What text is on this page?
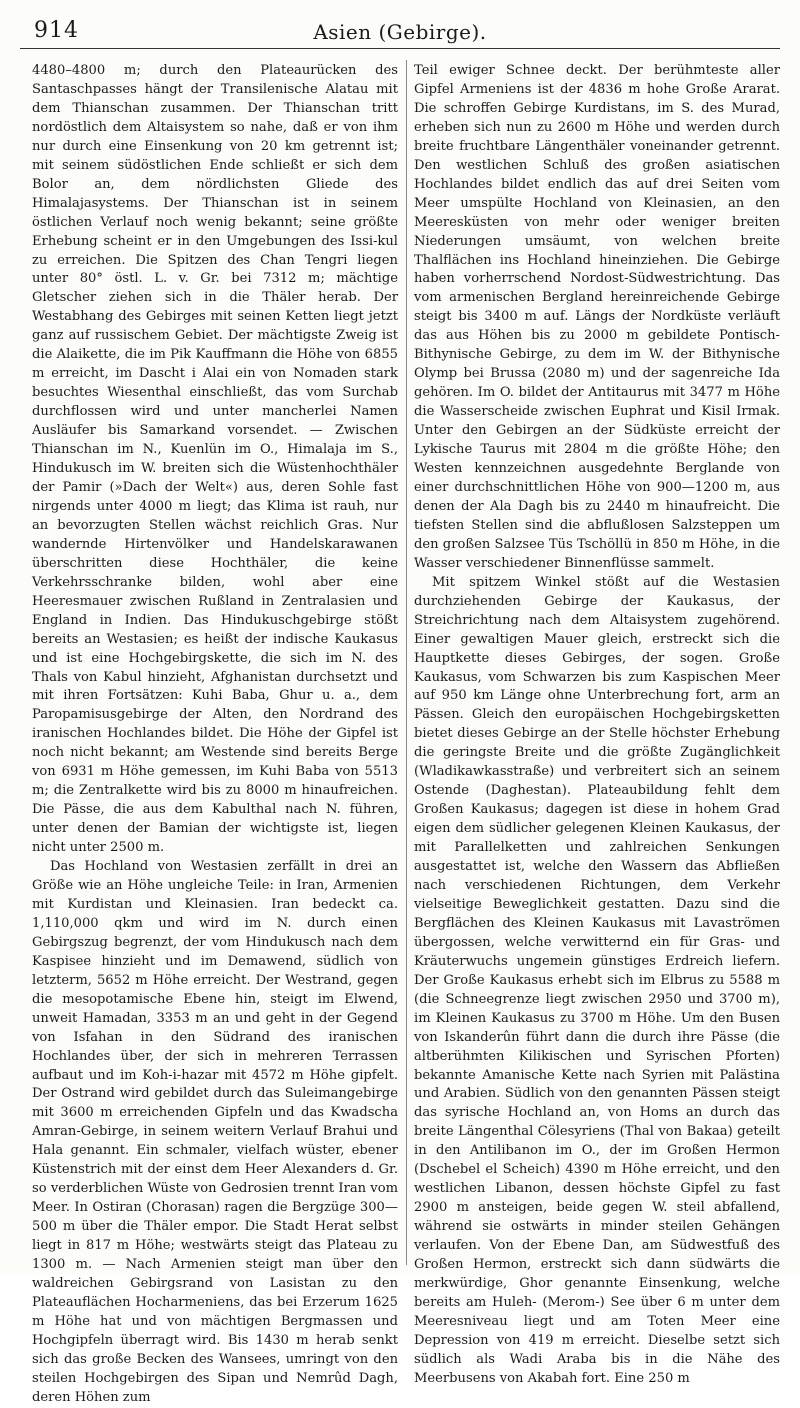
914	Asien (Gebirge).

4480–4800 m; durch den Plateaurücken des Santaschpasses hängt der Transilenische Alatau mit dem Thianschan zusammen. Der Thianschan tritt nordöstlich dem Altaisystem so nahe, daß er von ihm nur durch eine Einsenkung von 20 km getrennt ist; mit seinem südöstlichen Ende schließt er sich dem Bolor an, dem nördlichsten Gliede des Himalajasystems. Der Thianschan ist in seinem östlichen Verlauf noch wenig bekannt; seine größte Erhebung scheint er in den Umgebungen des Issi-kul zu erreichen. Die Spitzen des Chan Tengri liegen unter 80° östl. L. v. Gr. bei 7312 m; mächtige Gletscher ziehen sich in die Thäler herab. Der Westabhang des Gebirges mit seinen Ketten liegt jetzt ganz auf russischem Gebiet. Der mächtigste Zweig ist die Alaikette, die im Pik Kauffmann die Höhe von 6855 m erreicht, im Dascht i Alai ein von Nomaden stark besuchtes Wiesenthal einschließt, das vom Surchab durchflossen wird und unter mancherlei Namen Ausläufer bis Samarkand vorsendet. — Zwischen Thianschan im N., Kuenlün im O., Himalaja im S., Hindukusch im W. breiten sich die Wüstenhochthäler der Pamir (»Dach der Welt«) aus, deren Sohle fast nirgends unter 4000 m liegt; das Klima ist rauh, nur an bevorzugten Stellen wächst reichlich Gras. Nur wandernde Hirtenvölker und Handelskarawanen überschritten diese Hochthäler, die keine Verkehrsschranke bilden, wohl aber eine Heeresmauer zwischen Rußland in Zentralasien und England in Indien. Das Hindukuschgebirge stößt bereits an Westasien; es heißt der indische Kaukasus und ist eine Hochgebirgskette, die sich im N. des Thals von Kabul hinzieht, Afghanistan durchsetzt und mit ihren Fortsätzen: Kuhi Baba, Ghur u. a., dem Paropamisusgebirge der Alten, den Nordrand des iranischen Hochlandes bildet. Die Höhe der Gipfel ist noch nicht bekannt; am Westende sind bereits Berge von 6931 m Höhe gemessen, im Kuhi Baba von 5513 m; die Zentralkette wird bis zu 8000 m hinaufreichen. Die Pässe, die aus dem Kabulthal nach N. führen, unter denen der Bamian der wichtigste ist, liegen nicht unter 2500 m.

Das Hochland von Westasien zerfällt in drei an Größe wie an Höhe ungleiche Teile: in Iran, Armenien mit Kurdistan und Kleinasien. Iran bedeckt ca. 1,110,000 qkm und wird im N. durch einen Gebirgszug begrenzt, der vom Hindukusch nach dem Kaspisee hinzieht und im Demawend, südlich von letzterm, 5652 m Höhe erreicht. Der Westrand, gegen die mesopotamische Ebene hin, steigt im Elwend, unweit Hamadan, 3353 m an und geht in der Gegend von Isfahan in den Südrand des iranischen Hochlandes über, der sich in mehreren Terrassen aufbaut und im Koh-i-hazar mit 4572 m Höhe gipfelt. Der Ostrand wird gebildet durch das Suleimangebirge mit 3600 m erreichenden Gipfeln und das Kwadscha Amran-Gebirge, in seinem weitern Verlauf Brahui und Hala genannt. Ein schmaler, vielfach wüster, ebener Küstenstrich mit der einst dem Heer Alexanders d. Gr. so verderblichen Wüste von Gedrosien trennt Iran vom Meer. In Ostiran (Chorasan) ragen die Bergzüge 300—500 m über die Thäler empor. Die Stadt Herat selbst liegt in 817 m Höhe; westwärts steigt das Plateau zu 1300 m. — Nach Armenien steigt man über den waldreichen Gebirgsrand von Lasistan zu den Plateauflächen Hocharmeniens, das bei Erzerum 1625 m Höhe hat und von mächtigen Bergmassen und Hochgipfeln überragt wird. Bis 1430 m herab senkt sich das große Becken des Wansees, umringt von den steilen Hochgebirgen des Sipan und Nemrûd Dagh, deren Höhen zum

Teil ewiger Schnee deckt. Der berühmteste aller Gipfel Armeniens ist der 4836 m hohe Große Ararat. Die schroffen Gebirge Kurdistans, im S. des Murad, erheben sich nun zu 2600 m Höhe und werden durch breite fruchtbare Längenthäler voneinander getrennt. Den westlichen Schluß des großen asiatischen Hochlandes bildet endlich das auf drei Seiten vom Meer umspülte Hochland von Kleinasien, an den Meeresküsten von mehr oder weniger breiten Niederungen umsäumt, von welchen breite Thalflächen ins Hochland hineinziehen. Die Gebirge haben vorherrschend Nordost-Südwestrichtung. Das vom armenischen Bergland hereinreichende Gebirge steigt bis 3400 m auf. Längs der Nordküste verläuft das aus Höhen bis zu 2000 m gebildete Pontisch-Bithynische Gebirge, zu dem im W. der Bithynische Olymp bei Brussa (2080 m) und der sagenreiche Ida gehören. Im O. bildet der Antitaurus mit 3477 m Höhe die Wasserscheide zwischen Euphrat und Kisil Irmak. Unter den Gebirgen an der Südküste erreicht der Lykische Taurus mit 2804 m die größte Höhe; den Westen kennzeichnen ausgedehnte Berglande von einer durchschnittlichen Höhe von 900—1200 m, aus denen der Ala Dagh bis zu 2440 m hinaufreicht. Die tiefsten Stellen sind die abflußlosen Salzsteppen um den großen Salzsee Tüs Tschöllü in 850 m Höhe, in die Wasser verschiedener Binnenflüsse sammelt.

Mit spitzem Winkel stößt auf die Westasien durchziehenden Gebirge der Kaukasus, der Streichrichtung nach dem Altaisystem zugehörend. Einer gewaltigen Mauer gleich, erstreckt sich die Hauptkette dieses Gebirges, der sogen. Große Kaukasus, vom Schwarzen bis zum Kaspischen Meer auf 950 km Länge ohne Unterbrechung fort, arm an Pässen. Gleich den europäischen Hochgebirgsketten bietet dieses Gebirge an der Stelle höchster Erhebung die geringste Breite und die größte Zugänglichkeit (Wladikawkasstraße) und verbreitert sich an seinem Ostende (Daghestan). Plateaubildung fehlt dem Großen Kaukasus; dagegen ist diese in hohem Grad eigen dem südlicher gelegenen Kleinen Kaukasus, der mit Parallelketten und zahlreichen Senkungen ausgestattet ist, welche den Wassern das Abfließen nach verschiedenen Richtungen, dem Verkehr vielseitige Beweglichkeit gestatten. Dazu sind die Bergflächen des Kleinen Kaukasus mit Lavaströmen übergossen, welche verwitternd ein für Gras- und Kräuterwuchs ungemein günstiges Erdreich liefern. Der Große Kaukasus erhebt sich im Elbrus zu 5588 m (die Schneegrenze liegt zwischen 2950 und 3700 m), im Kleinen Kaukasus zu 3700 m Höhe. Um den Busen von Iskanderûn führt dann die durch ihre Pässe (die altberühmten Kilikischen und Syrischen Pforten) bekannte Amanische Kette nach Syrien mit Palästina und Arabien. Südlich von den genannten Pässen steigt das syrische Hochland an, von Homs an durch das breite Längenthal Cölesyriens (Thal von Bakaa) geteilt in den Antilibanon im O., der im Großen Hermon (Dschebel el Scheich) 4390 m Höhe erreicht, und den westlichen Libanon, dessen höchste Gipfel zu fast 2900 m ansteigen, beide gegen W. steil abfallend, während sie ostwärts in minder steilen Gehängen verlaufen. Von der Ebene Dan, am Südwestfuß des Großen Hermon, erstreckt sich dann südwärts die merkwürdige, Ghor genannte Einsenkung, welche bereits am Huleh- (Merom-) See über 6 m unter dem Meeresniveau liegt und am Toten Meer eine Depression von 419 m erreicht. Dieselbe setzt sich südlich als Wadi Araba bis in die Nähe des Meerbusens von Akabah fort. Eine 250 m
